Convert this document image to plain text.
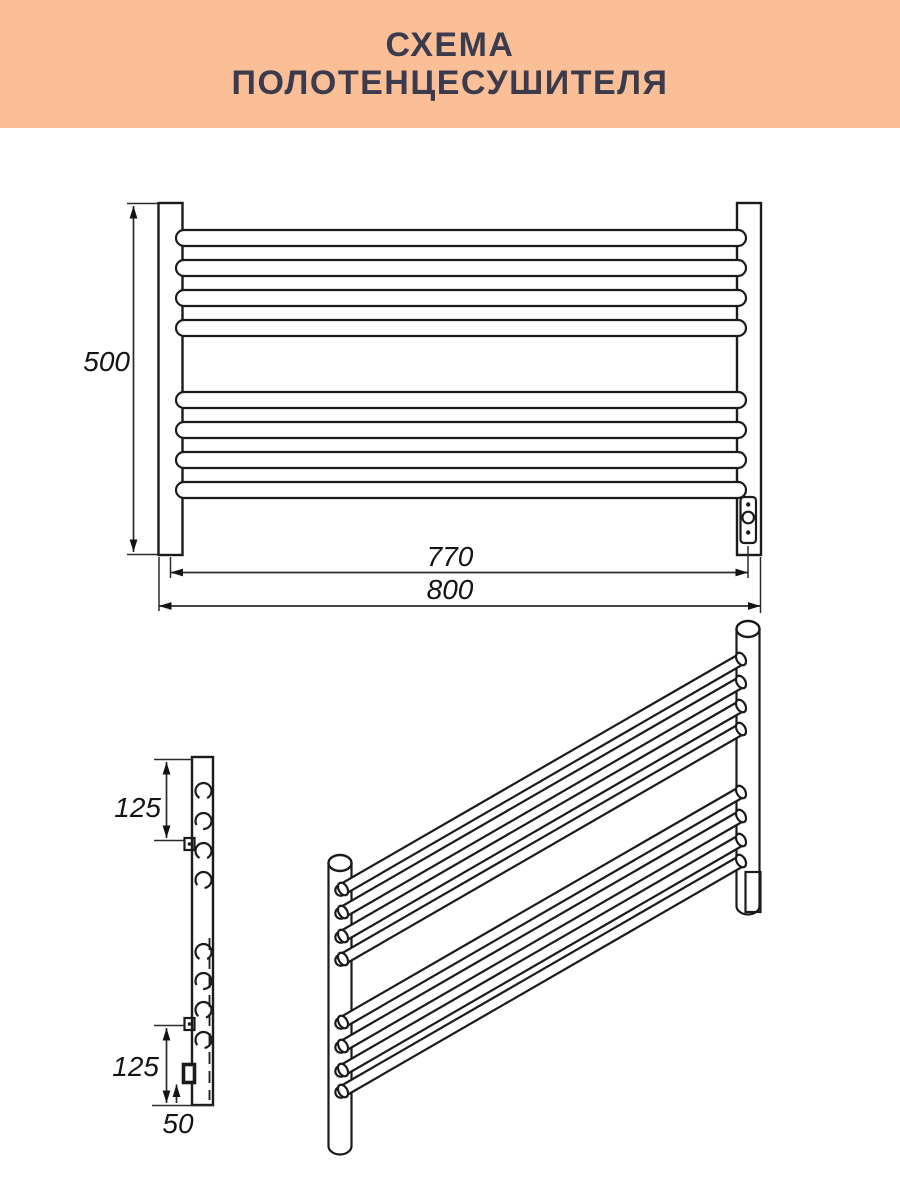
СХЕМА
ПОЛОТЕНЦЕСУШИТЕЛЯ
500
770
800
125
125
50
